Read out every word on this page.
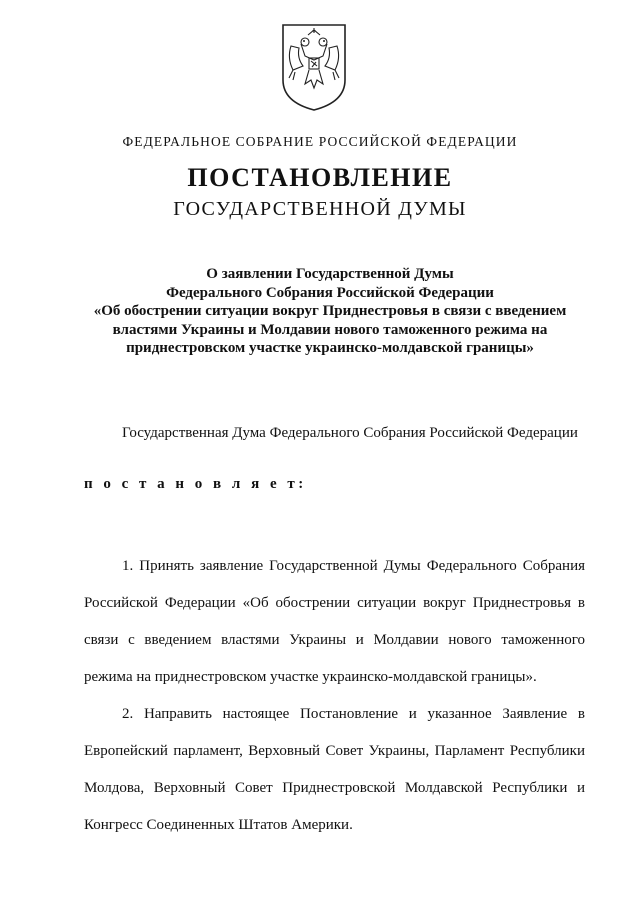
ФЕДЕРАЛЬНОЕ СОБРАНИЕ РОССИЙСКОЙ ФЕДЕРАЦИИ
ПОСТАНОВЛЕНИЕ
ГОСУДАРСТВЕННОЙ ДУМЫ
О заявлении Государственной Думы
Федерального Собрания Российской Федерации
«Об обострении ситуации вокруг Приднестровья в связи с введением
властями Украины и Молдавии нового таможенного режима на
приднестровском участке украинско-молдавской границы»

Государственная Дума Федерального Собрания Российской Федерации

п о с т а н о в л я е т:

1. Принять заявление Государственной Думы Федерального Собрания Российской Федерации «Об обострении ситуации вокруг Приднестровья в связи с введением властями Украины и Молдавии нового таможенного режима на приднестровском участке украинско-молдавской границы».

2. Направить настоящее Постановление и указанное Заявление в Европейский парламент, Верховный Совет Украины, Парламент Республики Молдова, Верховный Совет Приднестровской Молдавской Республики и Конгресс Соединенных Штатов Америки.
